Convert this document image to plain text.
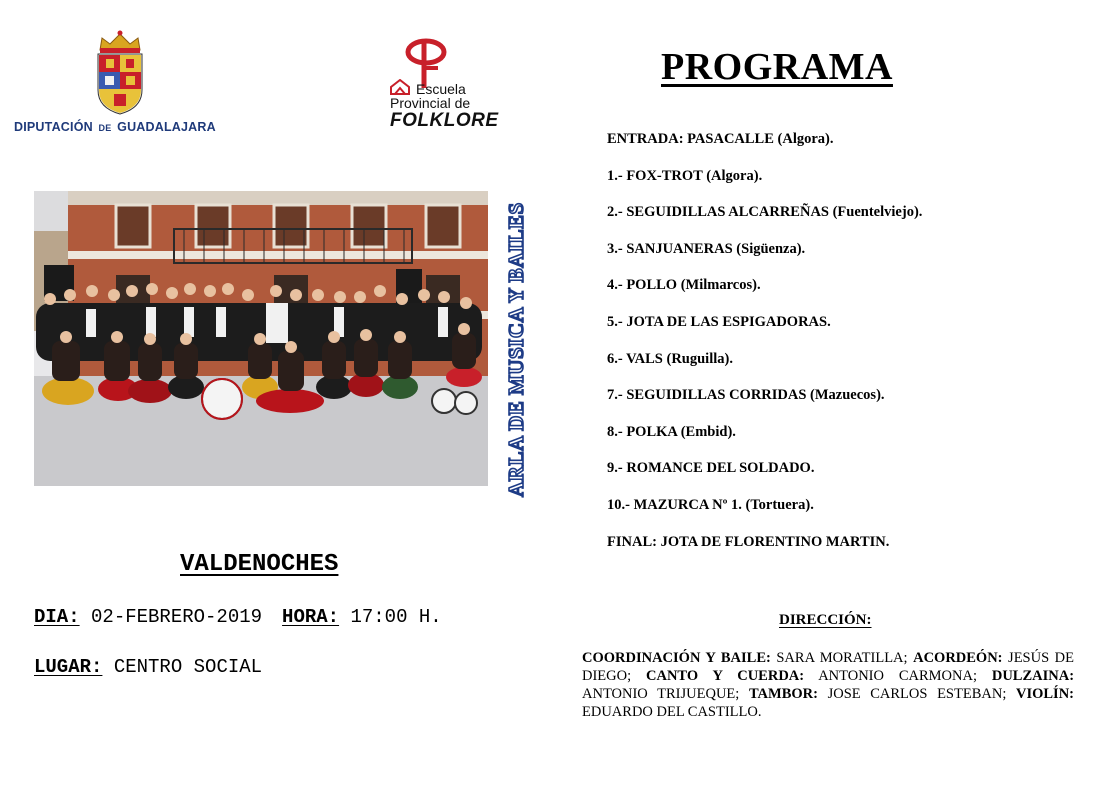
DIPUTACIÓN DE GUADALAJARA
Escuela
Provincial de
FOLKLORE
ARLA DE MUSICA Y BAILES
VALDENOCHES
DIA: 02-FEBRERO-2019 HORA: 17:00 H.
LUGAR: CENTRO SOCIAL
PROGRAMA
ENTRADA: PASACALLE (Algora).
1.- FOX-TROT (Algora).
2.- SEGUIDILLAS ALCARREÑAS (Fuentelviejo).
3.- SANJUANERAS (Sigüenza).
4.- POLLO (Milmarcos).
5.- JOTA DE LAS ESPIGADORAS.
6.- VALS (Ruguilla).
7.- SEGUIDILLAS CORRIDAS (Mazuecos).
8.- POLKA (Embid).
9.- ROMANCE DEL SOLDADO.
10.- MAZURCA Nº 1. (Tortuera).
FINAL: JOTA DE FLORENTINO MARTIN.
DIRECCIÓN:
COORDINACIÓN Y BAILE: SARA MORATILLA; ACORDEÓN: JESÚS DE DIEGO; CANTO Y CUERDA: ANTONIO CARMONA; DULZAINA: ANTONIO TRIJUEQUE; TAMBOR: JOSE CARLOS ESTEBAN; VIOLÍN: EDUARDO DEL CASTILLO.
